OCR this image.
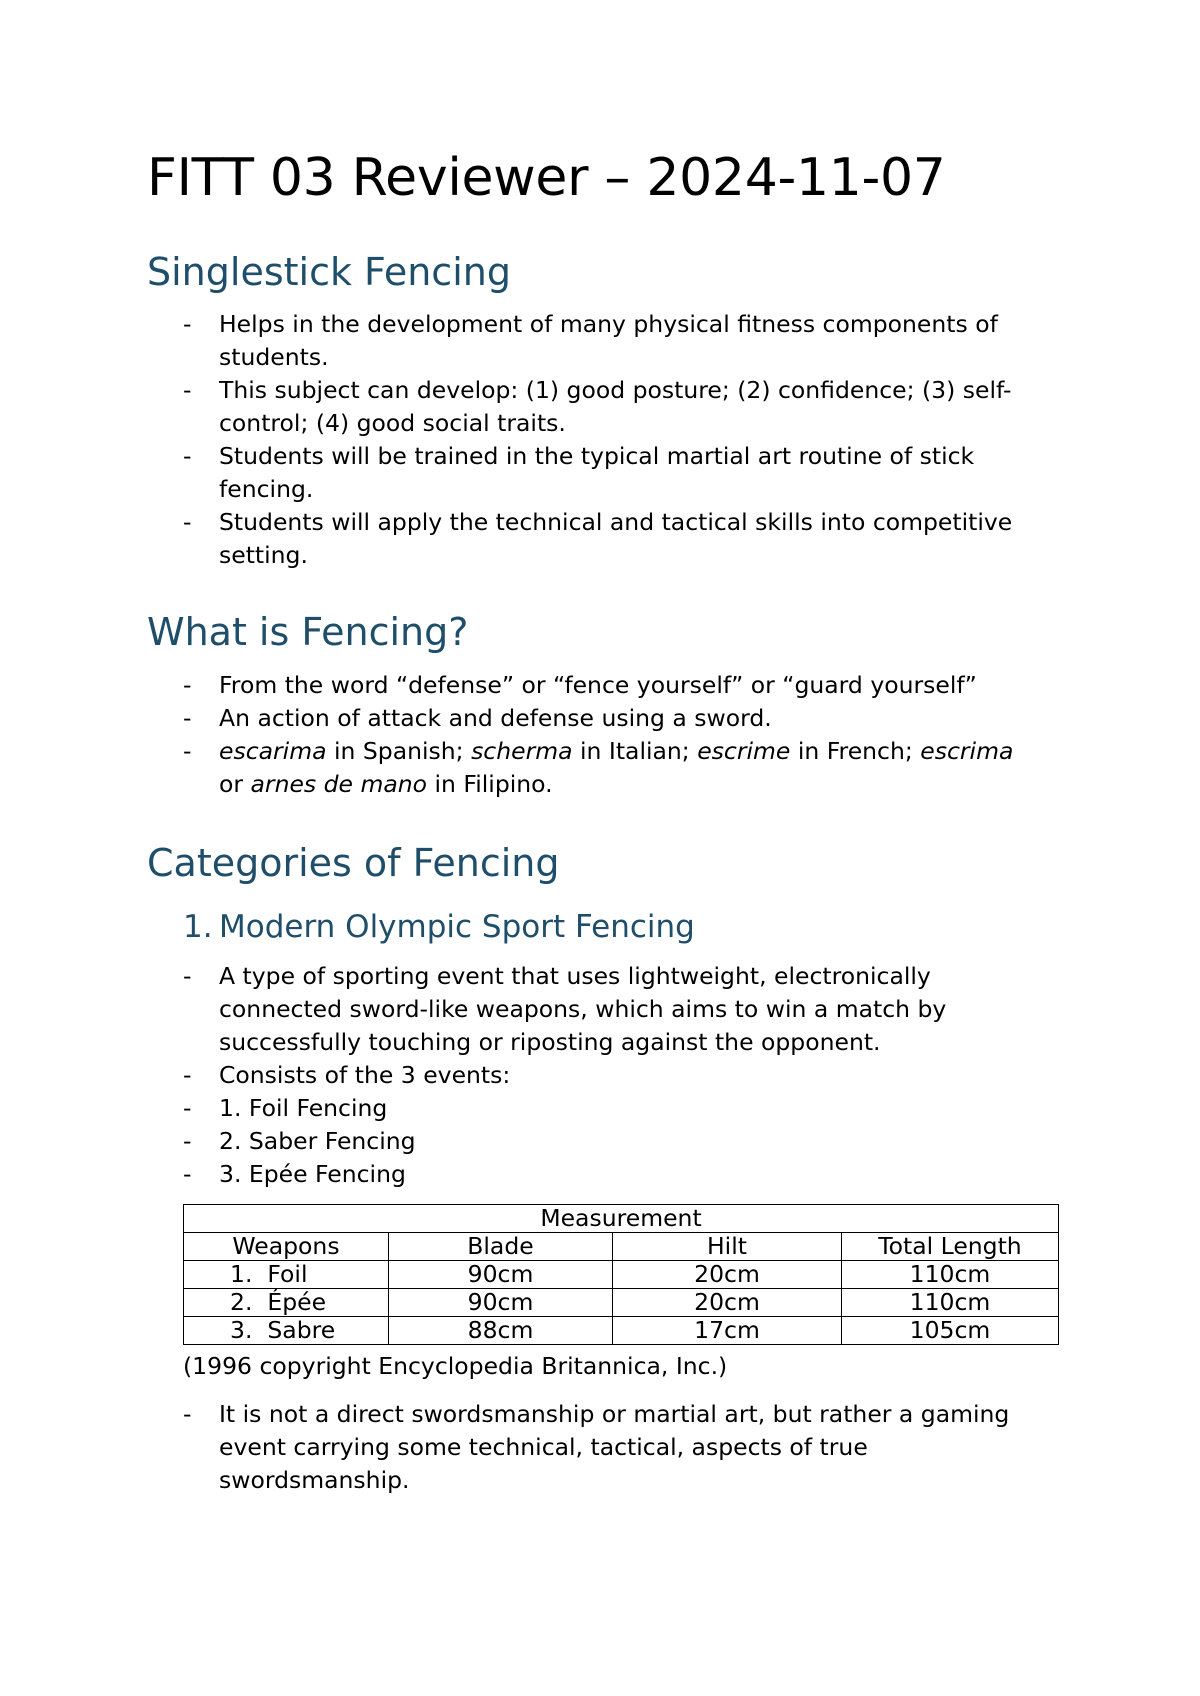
FITT 03 Reviewer – 2024-11-07
Singlestick Fencing
-	Helps in the development of many physical fitness components of
students.
-	This subject can develop: (1) good posture; (2) confidence; (3) self-
control; (4) good social traits.
-	Students will be trained in the typical martial art routine of stick
fencing.
-	Students will apply the technical and tactical skills into competitive
setting.
What is Fencing?
-	From the word “defense” or “fence yourself” or “guard yourself”
-	An action of attack and defense using a sword.
-	escarima in Spanish; scherma in Italian; escrime in French; escrima
or arnes de mano in Filipino.
Categories of Fencing
1. Modern Olympic Sport Fencing
-	A type of sporting event that uses lightweight, electronically
connected sword-like weapons, which aims to win a match by
successfully touching or riposting against the opponent.
-	Consists of the 3 events:
-	1. Foil Fencing
-	2. Saber Fencing
-	3. Epée Fencing
Measurement			
Weapons	Blade	Hilt	Total Length
1. Foil	90cm	20cm	110cm
2. Épée	90cm	20cm	110cm
3. Sabre	88cm	17cm	105cm
(1996 copyright Encyclopedia Britannica, Inc.)
-	It is not a direct swordsmanship or martial art, but rather a gaming
event carrying some technical, tactical, aspects of true
swordsmanship.
